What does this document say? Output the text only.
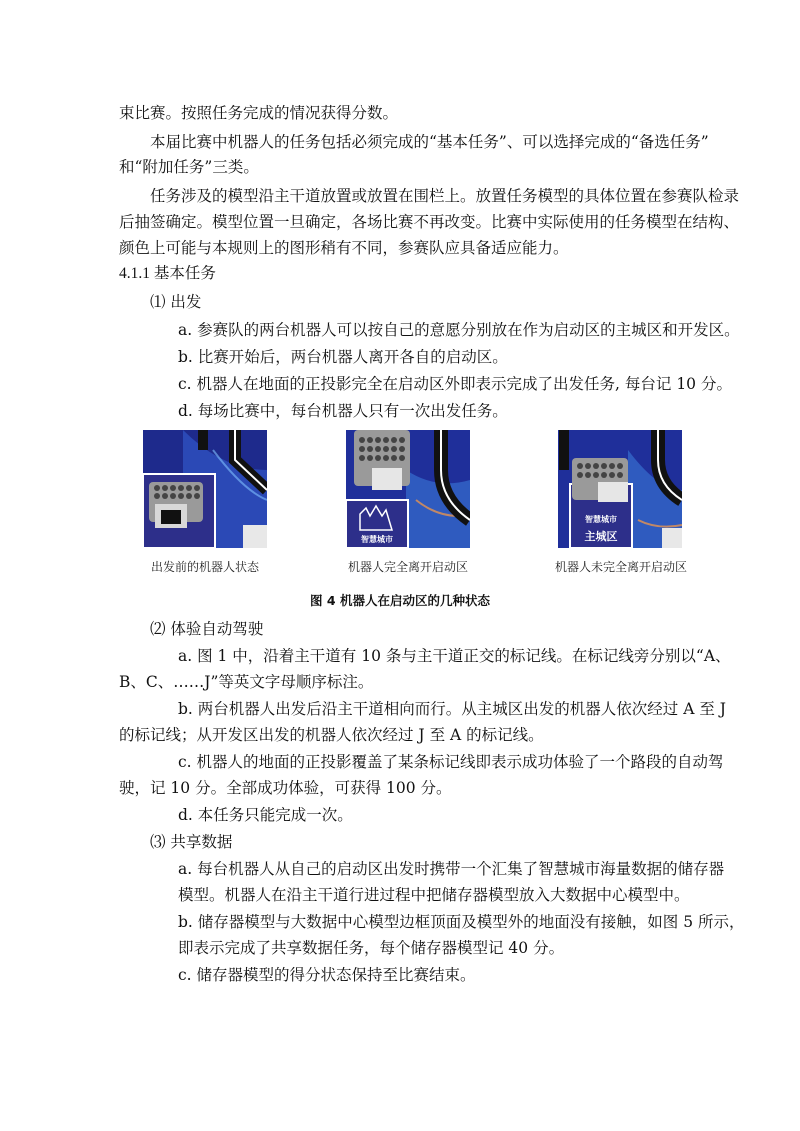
束比赛。按照任务完成的情况获得分数。
本届比赛中机器人的任务包括必须完成的“基本任务”、可以选择完成的“备选任务”
和“附加任务”三类。
任务涉及的模型沿主干道放置或放置在围栏上。放置任务模型的具体位置在参赛队检录
后抽签确定。模型位置一旦确定，各场比赛不再改变。比赛中实际使用的任务模型在结构、
颜色上可能与本规则上的图形稍有不同，参赛队应具备适应能力。
4.1.1 基本任务
⑴ 出发
a. 参赛队的两台机器人可以按自己的意愿分别放在作为启动区的主城区和开发区。
b. 比赛开始后，两台机器人离开各自的启动区。
c. 机器人在地面的正投影完全在启动区外即表示完成了出发任务, 每台记 10 分。
d. 每场比赛中，每台机器人只有一次出发任务。
智慧城市
智慧城市
主城区
出发前的机器人状态	机器人完全离开启动区	机器人未完全离开启动区
图 4 机器人在启动区的几种状态
⑵ 体验自动驾驶
a. 图 1 中，沿着主干道有 10 条与主干道正交的标记线。在标记线旁分别以“A、
B、C、……J”等英文字母顺序标注。
b. 两台机器人出发后沿主干道相向而行。从主城区出发的机器人依次经过 A 至 J
的标记线；从开发区出发的机器人依次经过 J 至 A 的标记线。
c. 机器人的地面的正投影覆盖了某条标记线即表示成功体验了一个路段的自动驾
驶，记 10 分。全部成功体验，可获得 100 分。
d. 本任务只能完成一次。
⑶ 共享数据
a. 每台机器人从自己的启动区出发时携带一个汇集了智慧城市海量数据的储存器
模型。机器人在沿主干道行进过程中把储存器模型放入大数据中心模型中。
b. 储存器模型与大数据中心模型边框顶面及模型外的地面没有接触，如图 5 所示，
即表示完成了共享数据任务，每个储存器模型记 40 分。
c. 储存器模型的得分状态保持至比赛结束。
